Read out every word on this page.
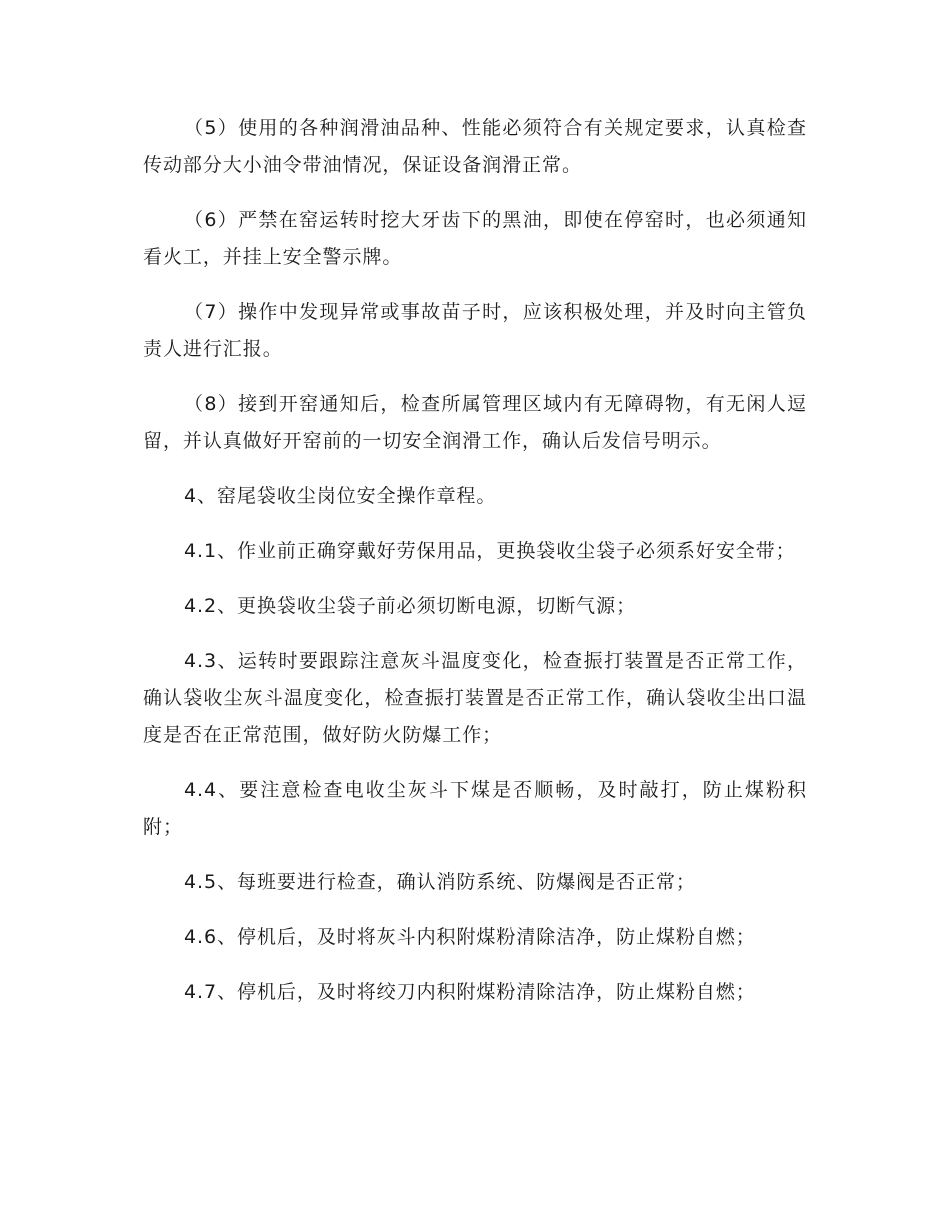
（5）使用的各种润滑油品种、性能必须符合有关规定要求，认真检查传动部分大小油令带油情况，保证设备润滑正常。

（6）严禁在窑运转时挖大牙齿下的黑油，即使在停窑时，也必须通知看火工，并挂上安全警示牌。

（7）操作中发现异常或事故苗子时，应该积极处理，并及时向主管负责人进行汇报。

（8）接到开窑通知后，检查所属管理区域内有无障碍物，有无闲人逗留，并认真做好开窑前的一切安全润滑工作，确认后发信号明示。

4、窑尾袋收尘岗位安全操作章程。

4.1、作业前正确穿戴好劳保用品，更换袋收尘袋子必须系好安全带；

4.2、更换袋收尘袋子前必须切断电源，切断气源；

4.3、运转时要跟踪注意灰斗温度变化，检查振打装置是否正常工作，确认袋收尘灰斗温度变化，检查振打装置是否正常工作，确认袋收尘出口温度是否在正常范围，做好防火防爆工作；

4.4、要注意检查电收尘灰斗下煤是否顺畅，及时敲打，防止煤粉积附；

4.5、每班要进行检查，确认消防系统、防爆阀是否正常；

4.6、停机后，及时将灰斗内积附煤粉清除洁净，防止煤粉自燃；

4.7、停机后，及时将绞刀内积附煤粉清除洁净，防止煤粉自燃；
